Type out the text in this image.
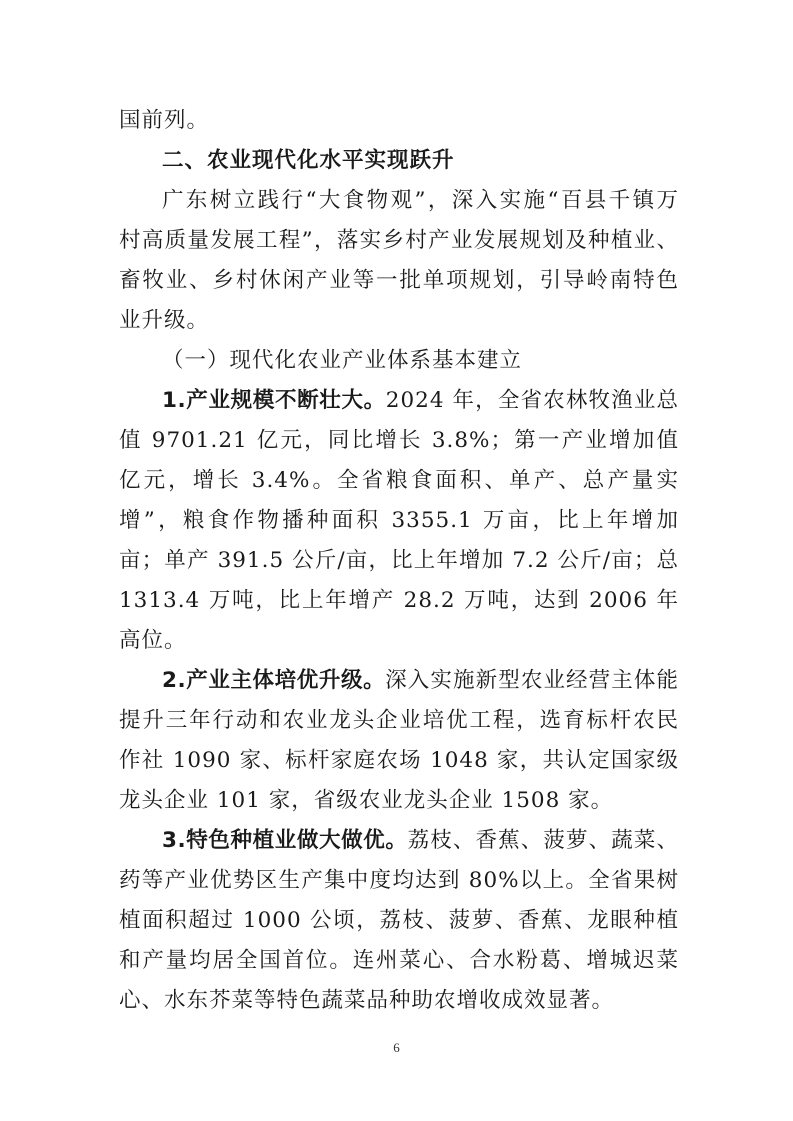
国前列。
二、农业现代化水平实现跃升
广东树立践行“大食物观”，深入实施“百县千镇万
村高质量发展工程”，落实乡村产业发展规划及种植业、
畜牧业、乡村休闲产业等一批单项规划，引导岭南特色
业升级。
（一）现代化农业产业体系基本建立
1.产业规模不断壮大。2024 年，全省农林牧渔业总
值 9701.21 亿元，同比增长 3.8%；第一产业增加值
亿元，增长 3.4%。全省粮食面积、单产、总产量实
增”，粮食作物播种面积 3355.1 万亩，比上年增加
亩；单产 391.5 公斤/亩，比上年增加 7.2 公斤/亩；总
1313.4 万吨，比上年增产 28.2 万吨，达到 2006 年
高位。
2.产业主体培优升级。深入实施新型农业经营主体能
提升三年行动和农业龙头企业培优工程，选育标杆农民
作社 1090 家、标杆家庭农场 1048 家，共认定国家级
龙头企业 101 家，省级农业龙头企业 1508 家。
3.特色种植业做大做优。荔枝、香蕉、菠萝、蔬菜、
药等产业优势区生产集中度均达到 80%以上。全省果树
植面积超过 1000 公顷，荔枝、菠萝、香蕉、龙眼种植
和产量均居全国首位。连州菜心、合水粉葛、增城迟菜
心、水东芥菜等特色蔬菜品种助农增收成效显著。
6
